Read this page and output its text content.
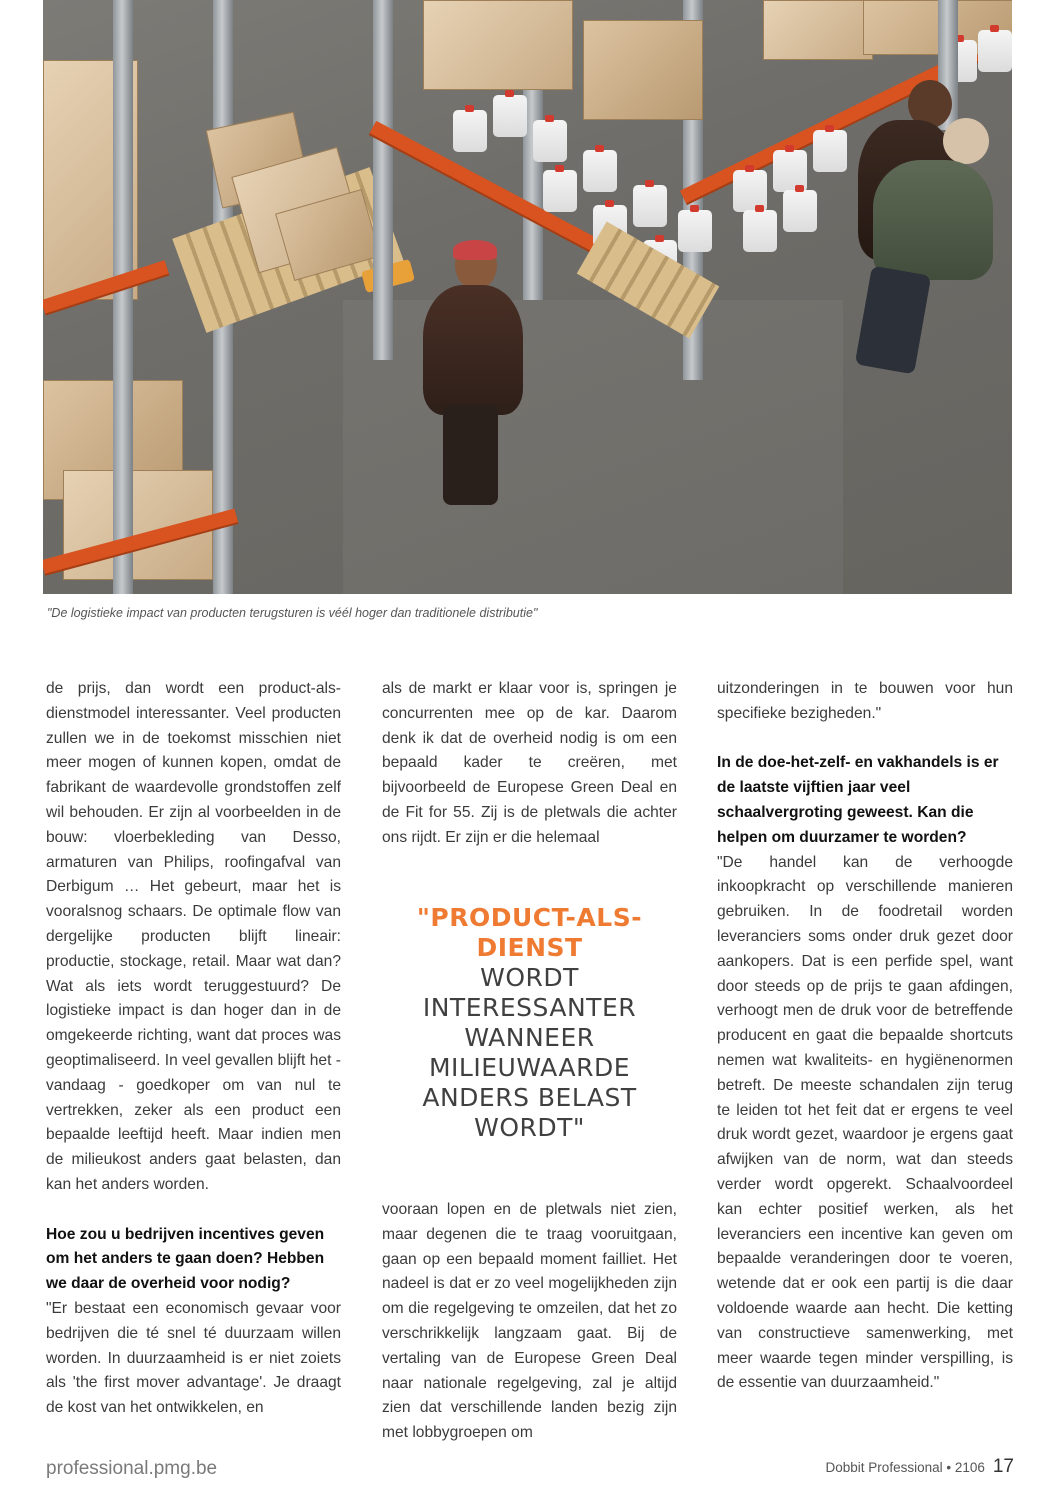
"De logistieke impact van producten terugsturen is véél hoger dan traditionele distributie"

de prijs, dan wordt een product-als-dienstmodel interessanter. Veel producten zullen we in de toekomst misschien niet meer mogen of kunnen kopen, omdat de fabrikant de waardevolle grondstoffen zelf wil behouden. Er zijn al voorbeelden in de bouw: vloerbekleding van Desso, armaturen van Philips, roofingafval van Derbigum … Het gebeurt, maar het is vooralsnog schaars. De optimale flow van dergelijke producten blijft lineair: productie, stockage, retail. Maar wat dan? Wat als iets wordt teruggestuurd? De logistieke impact is dan hoger dan in de omgekeerde richting, want dat proces was geoptimaliseerd. In veel gevallen blijft het - vandaag - goedkoper om van nul te vertrekken, zeker als een product een bepaalde leeftijd heeft. Maar indien men de milieukost anders gaat belasten, dan kan het anders worden.

Hoe zou u bedrijven incentives geven om het anders te gaan doen? Hebben we daar de overheid voor nodig?

"Er bestaat een economisch gevaar voor bedrijven die té snel té duurzaam willen worden. In duurzaamheid is er niet zoiets als 'the first mover advantage'. Je draagt de kost van het ontwikkelen, en

als de markt er klaar voor is, springen je concurrenten mee op de kar. Daarom denk ik dat de overheid nodig is om een bepaald kader te creëren, met bijvoorbeeld de Europese Green Deal en de Fit for 55. Zij is de pletwals die achter ons rijdt. Er zijn er die helemaal

"PRODUCT-ALS-DIENST
WORDT INTERESSANTER WANNEER MILIEUWAARDE ANDERS BELAST WORDT"

vooraan lopen en de pletwals niet zien, maar degenen die te traag vooruitgaan, gaan op een bepaald moment failliet. Het nadeel is dat er zo veel mogelijkheden zijn om die regelgeving te omzeilen, dat het zo verschrikkelijk langzaam gaat. Bij de vertaling van de Europese Green Deal naar nationale regelgeving, zal je altijd zien dat verschillende landen bezig zijn met lobbygroepen om

uitzonderingen in te bouwen voor hun specifieke bezigheden."

In de doe-het-zelf- en vakhandels is er de laatste vijftien jaar veel schaalvergroting geweest. Kan die helpen om duurzamer te worden?

"De handel kan de verhoogde inkoopkracht op verschillende manieren gebruiken. In de foodretail worden leveranciers soms onder druk gezet door aankopers. Dat is een perfide spel, want door steeds op de prijs te gaan afdingen, verhoogt men de druk voor de betreffende producent en gaat die bepaalde shortcuts nemen wat kwaliteits- en hygiënenormen betreft. De meeste schandalen zijn terug te leiden tot het feit dat er ergens te veel druk wordt gezet, waardoor je ergens gaat afwijken van de norm, wat dan steeds verder wordt opgerekt. Schaalvoordeel kan echter positief werken, als het leveranciers een incentive kan geven om bepaalde veranderingen door te voeren, wetende dat er ook een partij is die daar voldoende waarde aan hecht. Die ketting van constructieve samenwerking, met meer waarde tegen minder verspilling, is de essentie van duurzaamheid."

professional.pmg.be	Dobbit Professional • 2106 17
